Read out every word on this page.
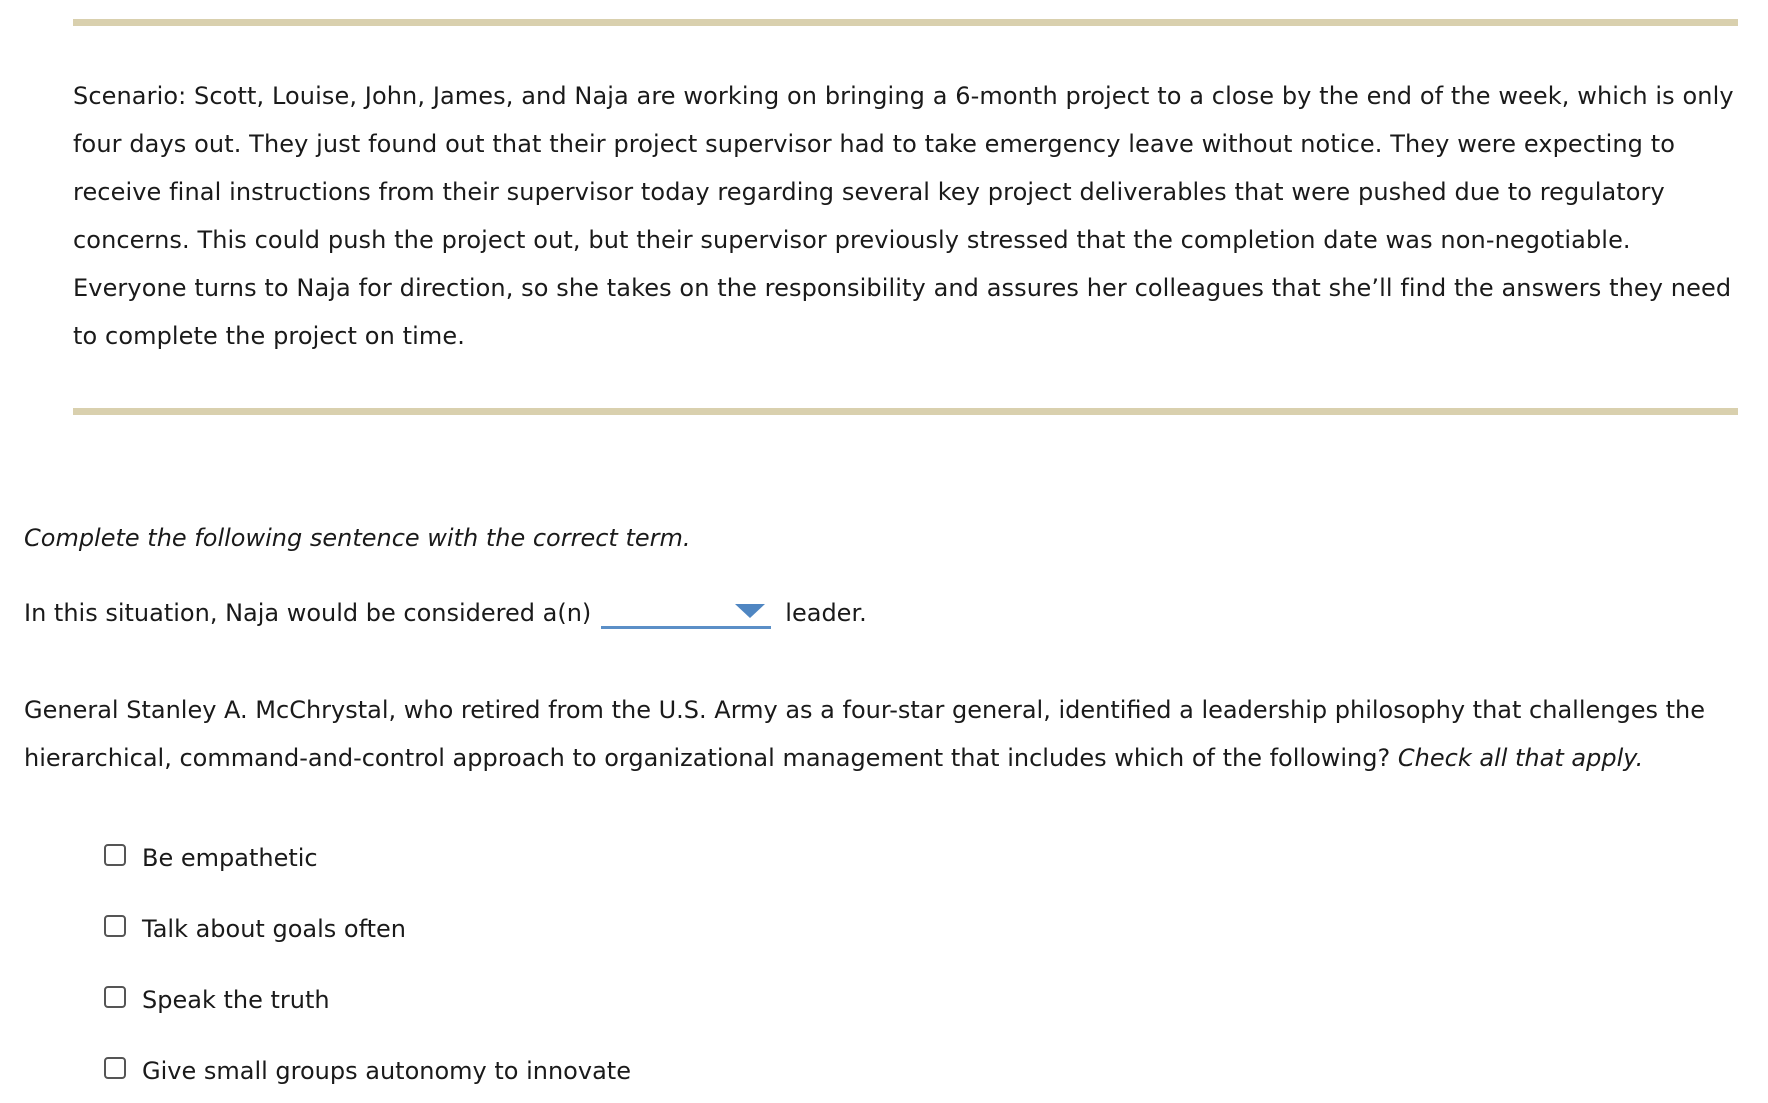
Scenario: Scott, Louise, John, James, and Naja are working on bringing a 6-month project to a close by the end of the week, which is only four days out. They just found out that their project supervisor had to take emergency leave without notice. They were expecting to receive final instructions from their supervisor today regarding several key project deliverables that were pushed due to regulatory concerns. This could push the project out, but their supervisor previously stressed that the completion date was non-negotiable. Everyone turns to Naja for direction, so she takes on the responsibility and assures her colleagues that she’ll find the answers they need to complete the project on time.

Complete the following sentence with the correct term.

In this situation, Naja would be considered a(n)	leader.

General Stanley A. McChrystal, who retired from the U.S. Army as a four-star general, identified a leadership philosophy that challenges the hierarchical, command-and-control approach to organizational management that includes which of the following? Check all that apply.

Be empathetic
Talk about goals often
Speak the truth
Give small groups autonomy to innovate
